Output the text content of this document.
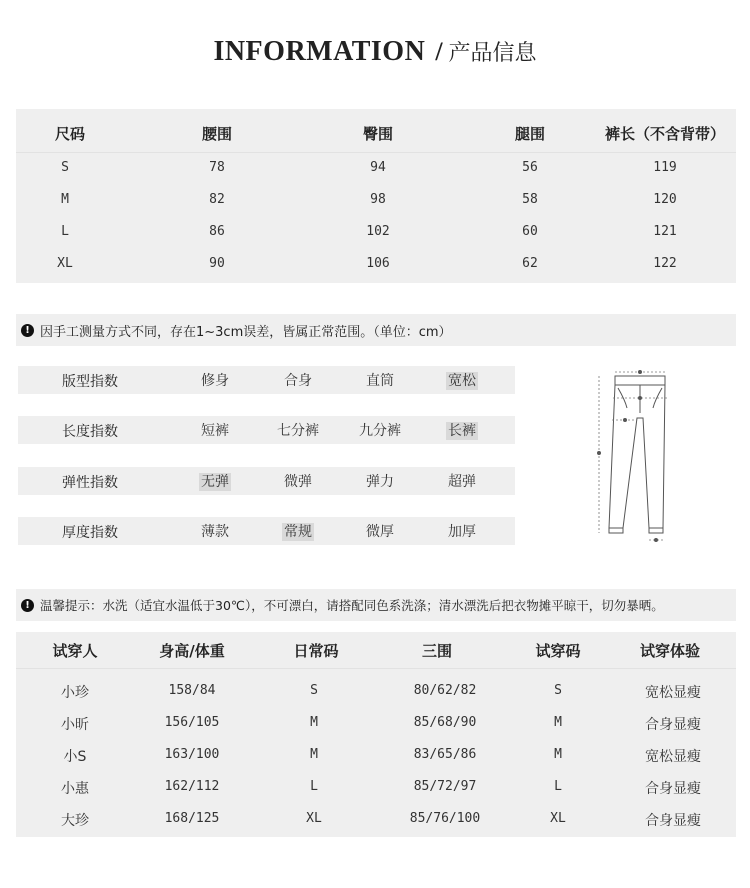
INFORMATION / 产品信息
尺码	腰围	臀围	腿围	裤长（不含背带）
S	78	94	56	119
M	82	98	58	120
L	86	102	60	121
XL	90	106	62	122
! 因手工测量方式不同，存在1~3cm误差，皆属正常范围。（单位：cm）
版型指数	修身	合身	直筒	宽松
长度指数	短裤	七分裤	九分裤	长裤
弹性指数	无弹	微弹	弹力	超弹
厚度指数	薄款	常规	微厚	加厚
! 温馨提示：水洗（适宜水温低于30℃），不可漂白，请搭配同色系洗涤；清水漂洗后把衣物摊平晾干，切勿暴晒。
试穿人	身高/体重	日常码	三围	试穿码	试穿体验
小珍	158/84	S	80/62/82	S	宽松显瘦
小昕	156/105	M	85/68/90	M	合身显瘦
小S	163/100	M	83/65/86	M	宽松显瘦
小惠	162/112	L	85/72/97	L	合身显瘦
大珍	168/125	XL	85/76/100	XL	合身显瘦
